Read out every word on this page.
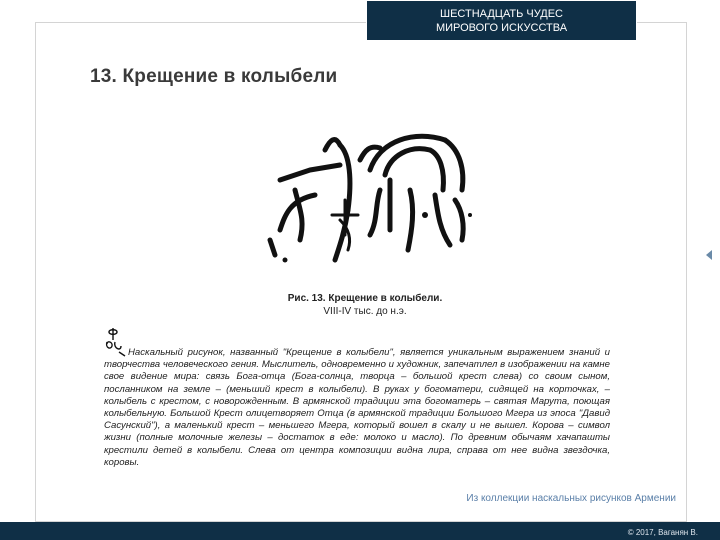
ШЕСТНАДЦАТЬ ЧУДЕС
МИРОВОГО ИСКУССТВА
13. Крещение в колыбели
Рис. 13. Крещение в колыбели.
VIII-IV тыс. до н.э.
Наскальный рисунок, названный "Крещение в колыбели", является уникальным выражением знаний и творчества человеческого гения. Мыслитель, одновременно и художник, запечатлел в изображении на камне свое видение мира: связь Бога-отца (Бога-солнца, творца – большой крест слева) со своим сыном, посланником на земле – (меньший крест в колыбели). В руках у богоматери, сидящей на корточках, – колыбель с крестом, с новорожденным. В армянской традиции эта богоматерь – святая Марута, поющая колыбельную. Большой Крест олицетворяет Отца (в армянской традиции Большого Мгера из эпоса "Давид Сасунский"), а маленький крест – меньшего Мгера, который вошел в скалу и не вышел. Корова – символ жизни (полные молочные железы – достаток в еде: молоко и масло). По древним обычаям хачапашты крестили детей в колыбели. Слева от центра композиции видна лира, справа от нее видна звездочка, коровы.
Из коллекции наскальных рисунков Армении
© 2017, Ваганян В.
